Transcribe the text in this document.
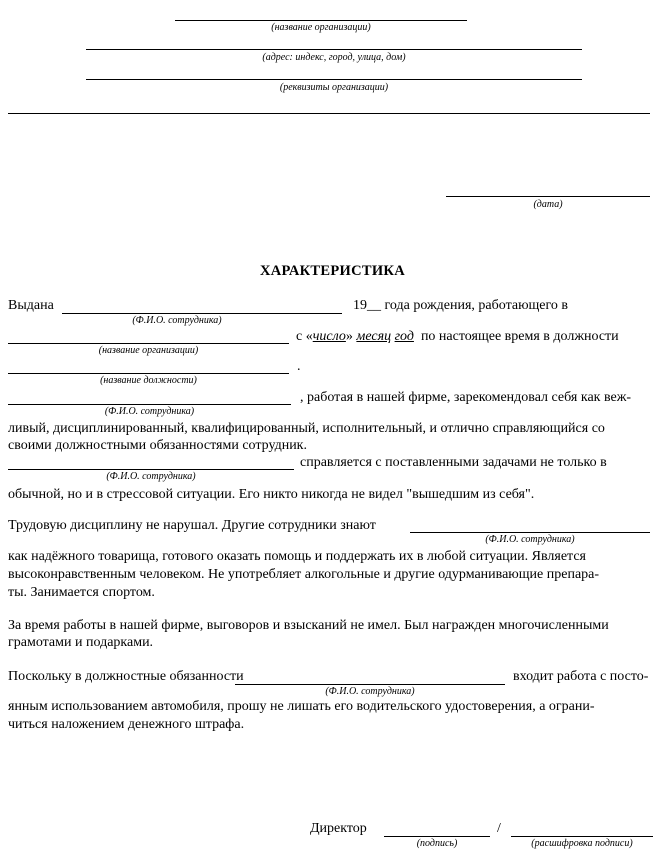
(название организации)
(адрес: индекс, город, улица, дом)
(реквизиты организации)
(дата)
ХАРАКТЕРИСТИКА
Выдана
(Ф.И.О. сотрудника)
19__ года рождения, работающего в
(название организации)
с «число» месяц год по настоящее время в должности
(название должности)
.
(Ф.И.О. сотрудника)
, работая в нашей фирме, зарекомендовал себя как веж-
ливый, дисциплинированный, квалифицированный, исполнительный, и отлично справляющийся со
своими должностными обязанностями сотрудник.
(Ф.И.О. сотрудника)
справляется с поставленными задачами не только в
обычной, но и в стрессовой ситуации. Его никто никогда не видел "вышедшим из себя".
Трудовую дисциплину не нарушал. Другие сотрудники знают
(Ф.И.О. сотрудника)
как надёжного товарища, готового оказать помощь и поддержать их в любой ситуации. Является
высоконравственным человеком. Не употребляет алкогольные и другие одурманивающие препара-
ты. Занимается спортом.
За время работы в нашей фирме, выговоров и взысканий не имел. Был награжден многочисленными
грамотами и подарками.
Поскольку в должностные обязанности
(Ф.И.О. сотрудника)
входит работа с посто-
янным использованием автомобиля, прошу не лишать его водительского удостоверения, а ограни-
читься наложением денежного штрафа.
Директор
(подпись)
/
(расшифровка подписи)
